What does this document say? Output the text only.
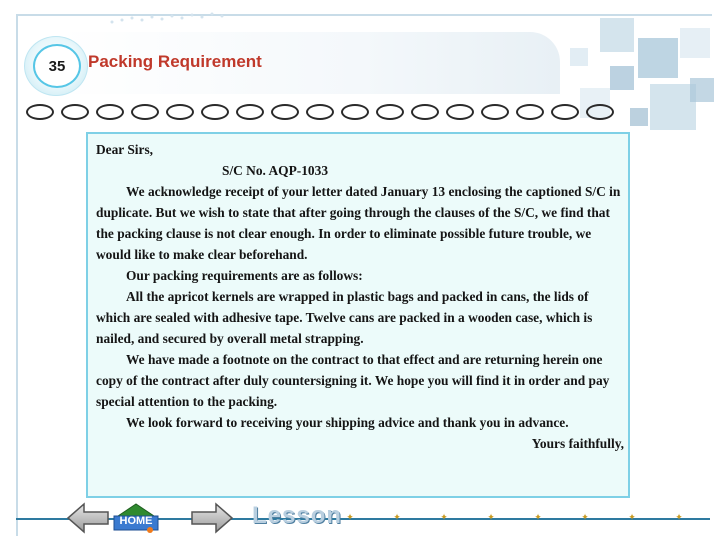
35	Packing Requirement

Dear Sirs,

S/C No. AQP-1033

We acknowledge receipt of your letter dated January 13 enclosing the captioned S/C in duplicate. But we wish to state that after going through the clauses of the S/C, we find that the packing clause is not clear enough. In order to eliminate possible future trouble, we would like to make clear beforehand.

Our packing requirements are as follows:

All the apricot kernels are wrapped in plastic bags and packed in cans, the lids of which are sealed with adhesive tape. Twelve cans are packed in a wooden case, which is nailed, and secured by overall metal strapping.

We have made a footnote on the contract to that effect and are returning herein one copy of the contract after duly countersigning it. We hope you will find it in order and pay special attention to the packing.

We look forward to receiving your shipping advice and thank you in advance.

Yours faithfully,

HOME	Lesson ✦	✦	✦	✦	✦	✦	✦	✦
